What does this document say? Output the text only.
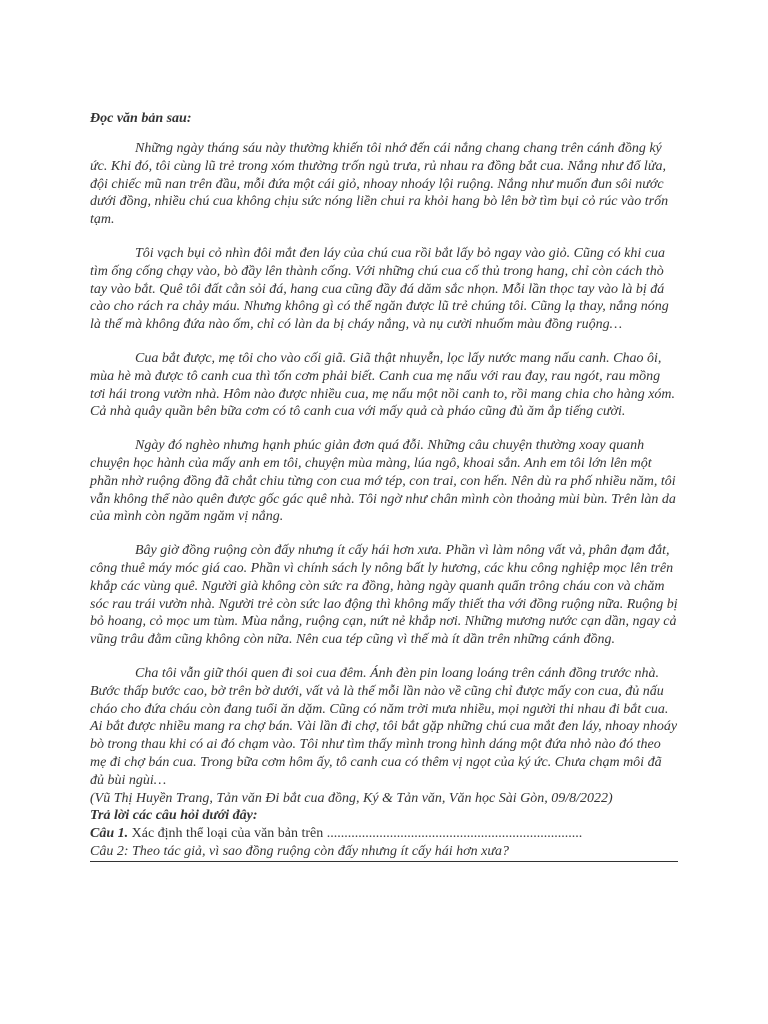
Đọc văn bản sau:

Những ngày tháng sáu này thường khiến tôi nhớ đến cái nắng chang chang trên cánh đồng ký ức. Khi đó, tôi cùng lũ trẻ trong xóm thường trốn ngủ trưa, rủ nhau ra đồng bắt cua. Nắng như đổ lửa, đội chiếc mũ nan trên đầu, mỗi đứa một cái giỏ, nhoay nhoáy lội ruộng. Nắng như muốn đun sôi nước dưới đồng, nhiều chú cua không chịu sức nóng liền chui ra khỏi hang bò lên bờ tìm bụi cỏ rúc vào trốn tạm.

Tôi vạch bụi cỏ nhìn đôi mắt đen láy của chú cua rồi bắt lấy bỏ ngay vào giỏ. Cũng có khi cua tìm ống cống chạy vào, bò đầy lên thành cống. Với những chú cua cố thủ trong hang, chỉ còn cách thò tay vào bắt. Quê tôi đất cằn sỏi đá, hang cua cũng đầy đá dăm sắc nhọn. Mỗi lần thọc tay vào là bị đá cào cho rách ra chảy máu. Nhưng không gì có thể ngăn được lũ trẻ chúng tôi. Cũng lạ thay, nắng nóng là thế mà không đứa nào ốm, chỉ có làn da bị cháy nắng, và nụ cười nhuốm màu đồng ruộng…

Cua bắt được, mẹ tôi cho vào cối giã. Giã thật nhuyễn, lọc lấy nước mang nấu canh. Chao ôi, mùa hè mà được tô canh cua thì tốn cơm phải biết. Canh cua mẹ nấu với rau đay, rau ngót, rau mồng tơi hái trong vườn nhà. Hôm nào được nhiều cua, mẹ nấu một nồi canh to, rồi mang chia cho hàng xóm. Cả nhà quây quần bên bữa cơm có tô canh cua với mấy quả cà pháo cũng đủ ăm ắp tiếng cười.

Ngày đó nghèo nhưng hạnh phúc giản đơn quá đỗi. Những câu chuyện thường xoay quanh chuyện học hành của mấy anh em tôi, chuyện mùa màng, lúa ngô, khoai sắn. Anh em tôi lớn lên một phần nhờ ruộng đồng đã chắt chiu từng con cua mớ tép, con trai, con hến. Nên dù ra phố nhiều năm, tôi vẫn không thể nào quên được gốc gác quê nhà. Tôi ngờ như chân mình còn thoảng mùi bùn. Trên làn da của mình còn ngăm ngăm vị nắng.

Bây giờ đồng ruộng còn đấy nhưng ít cấy hái hơn xưa. Phần vì làm nông vất vả, phân đạm đắt, công thuê máy móc giá cao. Phần vì chính sách ly nông bất ly hương, các khu công nghiệp mọc lên trên khắp các vùng quê. Người già không còn sức ra đồng, hàng ngày quanh quẩn trông cháu con và chăm sóc rau trái vườn nhà. Người trẻ còn sức lao động thì không mấy thiết tha với đồng ruộng nữa. Ruộng bị bỏ hoang, cỏ mọc um tùm. Mùa nắng, ruộng cạn, nứt nẻ khắp nơi. Những mương nước cạn dần, ngay cả vũng trâu đằm cũng không còn nữa. Nên cua tép cũng vì thế mà ít dần trên những cánh đồng.

Cha tôi vẫn giữ thói quen đi soi cua đêm. Ánh đèn pin loang loáng trên cánh đồng trước nhà. Bước thấp bước cao, bờ trên bờ dưới, vất vả là thế mỗi lần nào về cũng chỉ được mấy con cua, đủ nấu cháo cho đứa cháu còn đang tuổi ăn dặm. Cũng có năm trời mưa nhiều, mọi người thi nhau đi bắt cua. Ai bắt được nhiều mang ra chợ bán. Vài lần đi chợ, tôi bắt gặp những chú cua mắt đen láy, nhoay nhoáy bò trong thau khi có ai đó chạm vào. Tôi như tìm thấy mình trong hình dáng một đứa nhỏ nào đó theo mẹ đi chợ bán cua. Trong bữa cơm hôm ấy, tô canh cua có thêm vị ngọt của ký ức. Chưa chạm môi đã đủ bùi ngùi…

(Vũ Thị Huyền Trang, Tản văn Đi bắt cua đồng, Ký & Tản văn, Văn học Sài Gòn, 09/8/2022)

Trả lời các câu hỏi dưới đây:

Câu 1. Xác định thể loại của văn bản trên .........................................................................

Câu 2: Theo tác giả, vì sao đồng ruộng còn đấy nhưng ít cấy hái hơn xưa?
